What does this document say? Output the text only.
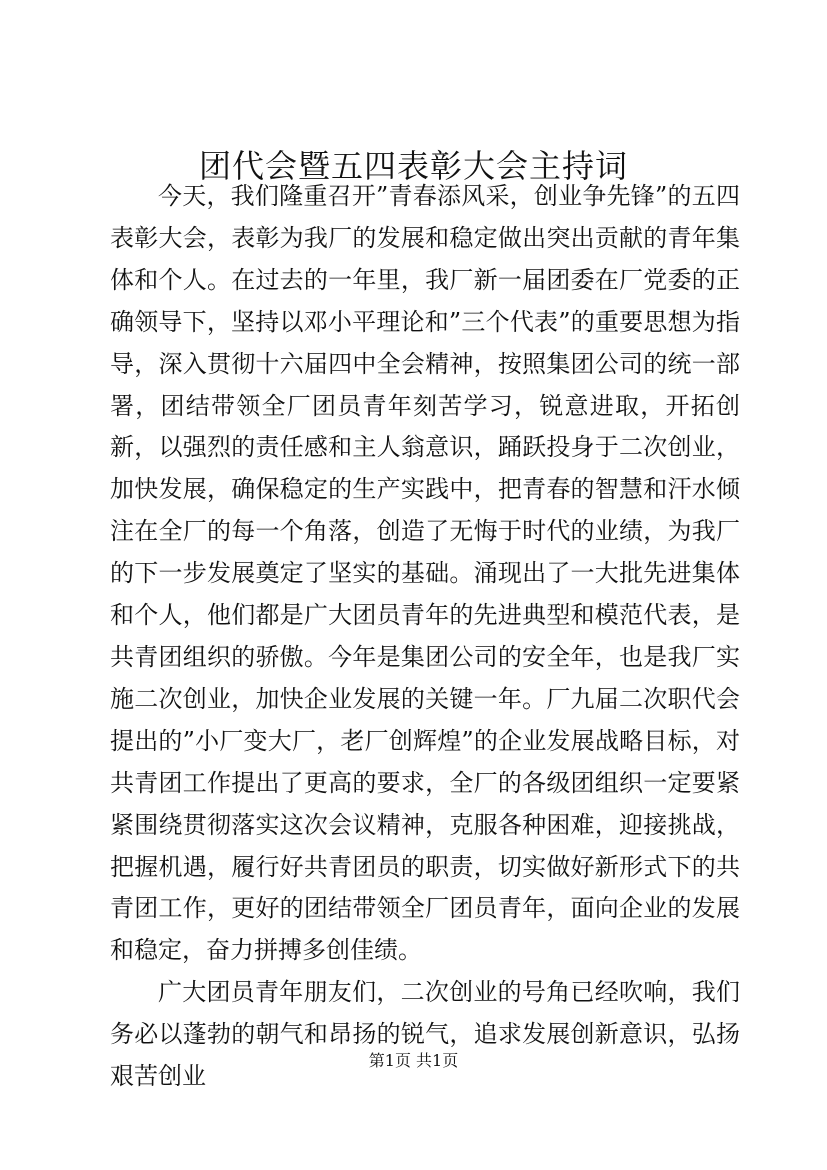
团代会暨五四表彰大会主持词

今天，我们隆重召开”青春添风采，创业争先锋”的五四表彰大会，表彰为我厂的发展和稳定做出突出贡献的青年集体和个人。在过去的一年里，我厂新一届团委在厂党委的正确领导下，坚持以邓小平理论和”三个代表”的重要思想为指导，深入贯彻十六届四中全会精神，按照集团公司的统一部署，团结带领全厂团员青年刻苦学习，锐意进取，开拓创新，以强烈的责任感和主人翁意识，踊跃投身于二次创业，加快发展，确保稳定的生产实践中，把青春的智慧和汗水倾注在全厂的每一个角落，创造了无悔于时代的业绩，为我厂的下一步发展奠定了坚实的基础。涌现出了一大批先进集体和个人，他们都是广大团员青年的先进典型和模范代表，是共青团组织的骄傲。今年是集团公司的安全年，也是我厂实施二次创业，加快企业发展的关键一年。厂九届二次职代会提出的”小厂变大厂，老厂创辉煌”的企业发展战略目标，对共青团工作提出了更高的要求，全厂的各级团组织一定要紧紧围绕贯彻落实这次会议精神，克服各种困难，迎接挑战，把握机遇，履行好共青团员的职责，切实做好新形式下的共青团工作，更好的团结带领全厂团员青年，面向企业的发展和稳定，奋力拼搏多创佳绩。

广大团员青年朋友们，二次创业的号角已经吹响，我们务必以蓬勃的朝气和昂扬的锐气，追求发展创新意识，弘扬艰苦创业

第1页 共1页
